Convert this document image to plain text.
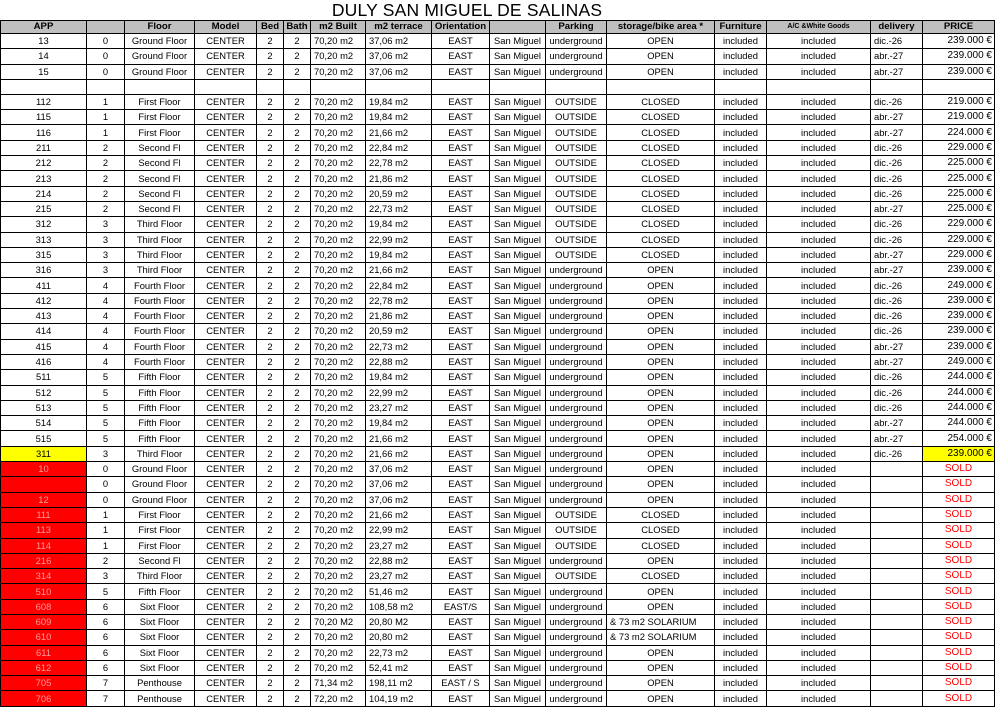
DULY SAN MIGUEL DE SALINAS
APP		Floor	Model	Bed	Bath	m2 Built	m2 terrace	Orientation		Parking	storage/bike area *	Furniture	A/C &White Goods	delivery	PRICE
13	0	Ground Floor	CENTER	2	2	70,20 m2	37,06 m2	EAST	San Miguel	underground	OPEN	included	included	dic.-26	239.000 €
14	0	Ground Floor	CENTER	2	2	70,20 m2	37,06 m2	EAST	San Miguel	underground	OPEN	included	included	abr.-27	239.000 €
15	0	Ground Floor	CENTER	2	2	70,20 m2	37,06 m2	EAST	San Miguel	underground	OPEN	included	included	abr.-27	239.000 €

112	1	First Floor	CENTER	2	2	70,20 m2	19,84 m2	EAST	San Miguel	OUTSIDE	CLOSED	included	included	dic.-26	219.000 €
115	1	First Floor	CENTER	2	2	70,20 m2	19,84 m2	EAST	San Miguel	OUTSIDE	CLOSED	included	included	abr.-27	219.000 €
116	1	First Floor	CENTER	2	2	70,20 m2	21,66 m2	EAST	San Miguel	OUTSIDE	CLOSED	included	included	abr.-27	224.000 €
211	2	Second Fl	CENTER	2	2	70,20 m2	22,84 m2	EAST	San Miguel	OUTSIDE	CLOSED	included	included	dic.-26	229.000 €
212	2	Second Fl	CENTER	2	2	70,20 m2	22,78 m2	EAST	San Miguel	OUTSIDE	CLOSED	included	included	dic.-26	225.000 €
213	2	Second Fl	CENTER	2	2	70,20 m2	21,86 m2	EAST	San Miguel	OUTSIDE	CLOSED	included	included	dic.-26	225.000 €
214	2	Second Fl	CENTER	2	2	70,20 m2	20,59 m2	EAST	San Miguel	OUTSIDE	CLOSED	included	included	dic.-26	225.000 €
215	2	Second Fl	CENTER	2	2	70,20 m2	22,73 m2	EAST	San Miguel	OUTSIDE	CLOSED	included	included	abr.-27	225.000 €
312	3	Third Floor	CENTER	2	2	70,20 m2	19,84 m2	EAST	San Miguel	OUTSIDE	CLOSED	included	included	dic.-26	229.000 €
313	3	Third Floor	CENTER	2	2	70,20 m2	22,99 m2	EAST	San Miguel	OUTSIDE	CLOSED	included	included	dic.-26	229.000 €
315	3	Third Floor	CENTER	2	2	70,20 m2	19,84 m2	EAST	San Miguel	OUTSIDE	CLOSED	included	included	abr.-27	229.000 €
316	3	Third Floor	CENTER	2	2	70,20 m2	21,66 m2	EAST	San Miguel	underground	OPEN	included	included	abr.-27	239.000 €
411	4	Fourth Floor	CENTER	2	2	70,20 m2	22,84 m2	EAST	San Miguel	underground	OPEN	included	included	dic.-26	249.000 €
412	4	Fourth Floor	CENTER	2	2	70,20 m2	22,78 m2	EAST	San Miguel	underground	OPEN	included	included	dic.-26	239.000 €
413	4	Fourth Floor	CENTER	2	2	70,20 m2	21,86 m2	EAST	San Miguel	underground	OPEN	included	included	dic.-26	239.000 €
414	4	Fourth Floor	CENTER	2	2	70,20 m2	20,59 m2	EAST	San Miguel	underground	OPEN	included	included	dic.-26	239.000 €
415	4	Fourth Floor	CENTER	2	2	70,20 m2	22,73 m2	EAST	San Miguel	underground	OPEN	included	included	abr.-27	239.000 €
416	4	Fourth Floor	CENTER	2	2	70,20 m2	22,88 m2	EAST	San Miguel	underground	OPEN	included	included	abr.-27	249.000 €
511	5	Fifth Floor	CENTER	2	2	70,20 m2	19,84 m2	EAST	San Miguel	underground	OPEN	included	included	dic.-26	244.000 €
512	5	Fifth Floor	CENTER	2	2	70,20 m2	22,99 m2	EAST	San Miguel	underground	OPEN	included	included	dic.-26	244.000 €
513	5	Fifth Floor	CENTER	2	2	70,20 m2	23,27 m2	EAST	San Miguel	underground	OPEN	included	included	dic.-26	244.000 €
514	5	Fifth Floor	CENTER	2	2	70,20 m2	19,84 m2	EAST	San Miguel	underground	OPEN	included	included	abr.-27	244.000 €
515	5	Fifth Floor	CENTER	2	2	70,20 m2	21,66 m2	EAST	San Miguel	underground	OPEN	included	included	abr.-27	254.000 €
311	3	Third Floor	CENTER	2	2	70,20 m2	21,66 m2	EAST	San Miguel	underground	OPEN	included	included	dic.-26	239.000 €
10	0	Ground Floor	CENTER	2	2	70,20 m2	37,06 m2	EAST	San Miguel	underground	OPEN	included	included		SOLD
	0	Ground Floor	CENTER	2	2	70,20 m2	37,06 m2	EAST	San Miguel	underground	OPEN	included	included		SOLD
12	0	Ground Floor	CENTER	2	2	70,20 m2	37,06 m2	EAST	San Miguel	underground	OPEN	included	included		SOLD
111	1	First Floor	CENTER	2	2	70,20 m2	21,66 m2	EAST	San Miguel	OUTSIDE	CLOSED	included	included		SOLD
113	1	First Floor	CENTER	2	2	70,20 m2	22,99 m2	EAST	San Miguel	OUTSIDE	CLOSED	included	included		SOLD
114	1	First Floor	CENTER	2	2	70,20 m2	23,27 m2	EAST	San Miguel	OUTSIDE	CLOSED	included	included		SOLD
216	2	Second Fl	CENTER	2	2	70,20 m2	22,88 m2	EAST	San Miguel	underground	OPEN	included	included		SOLD
314	3	Third Floor	CENTER	2	2	70,20 m2	23,27 m2	EAST	San Miguel	OUTSIDE	CLOSED	included	included		SOLD
510	5	Fifth Floor	CENTER	2	2	70,20 m2	51,46 m2	EAST	San Miguel	underground	OPEN	included	included		SOLD
608	6	Sixt Floor	CENTER	2	2	70,20 m2	108,58 m2	EAST/S	San Miguel	underground	OPEN	included	included		SOLD
609	6	Sixt Floor	CENTER	2	2	70,20 M2	20,80 M2	EAST	San Miguel	underground	& 73 m2 SOLARIUM	included	included		SOLD
610	6	Sixt Floor	CENTER	2	2	70,20 m2	20,80 m2	EAST	San Miguel	underground	& 73 m2 SOLARIUM	included	included		SOLD
611	6	Sixt Floor	CENTER	2	2	70,20 m2	22,73 m2	EAST	San Miguel	underground	OPEN	included	included		SOLD
612	6	Sixt Floor	CENTER	2	2	70,20 m2	52,41 m2	EAST	San Miguel	underground	OPEN	included	included		SOLD
705	7	Penthouse	CENTER	2	2	71,34 m2	198,11 m2	EAST / S	San Miguel	underground	OPEN	included	included		SOLD
706	7	Penthouse	CENTER	2	2	72,20 m2	104,19 m2	EAST	San Miguel	underground	OPEN	included	included		SOLD
